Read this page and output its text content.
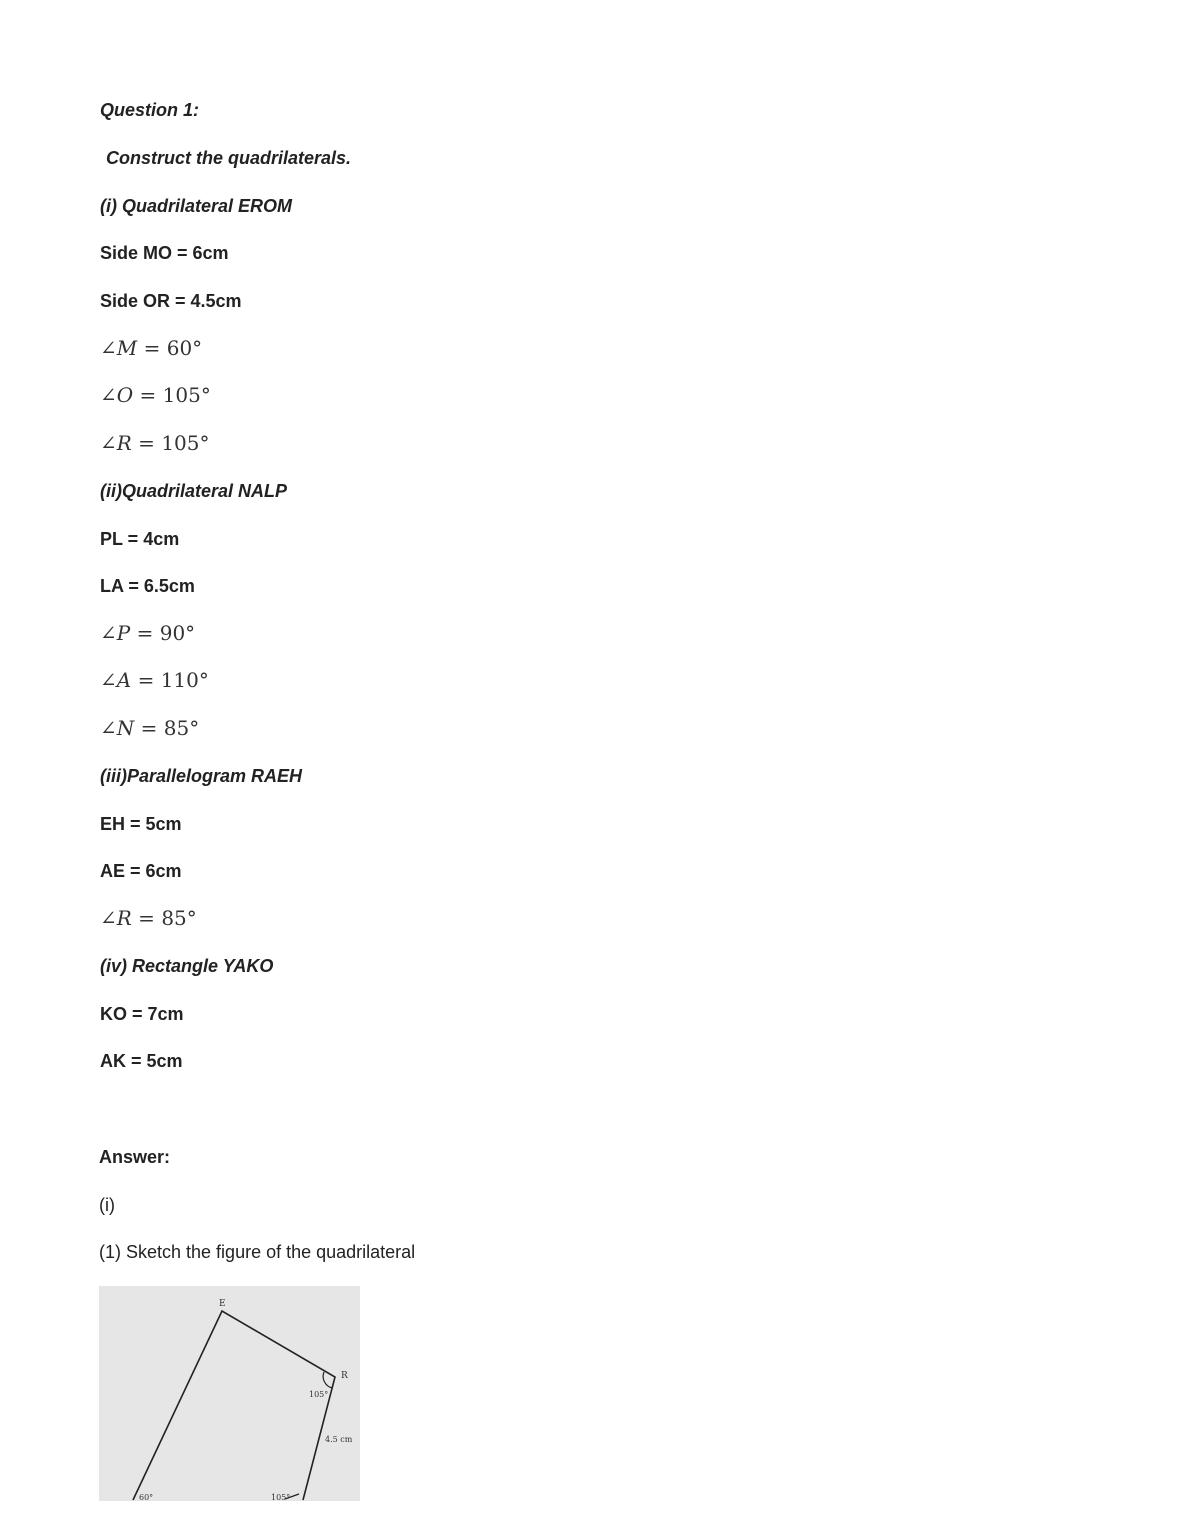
Question 1:
Construct the quadrilaterals.
(i) Quadrilateral EROM
Side MO = 6cm
Side OR = 4.5cm
∠M = 60°
∠O = 105°
∠R = 105°
(ii)Quadrilateral NALP
PL = 4cm
LA = 6.5cm
∠P = 90°
∠A = 110°
∠N = 85°
(iii)Parallelogram RAEH
EH = 5cm
AE = 6cm
∠R = 85°
(iv) Rectangle YAKO
KO = 7cm
AK = 5cm
Answer:
(i)
(1) Sketch the figure of the quadrilateral
E
R
105°
4.5 cm
105°
60°
